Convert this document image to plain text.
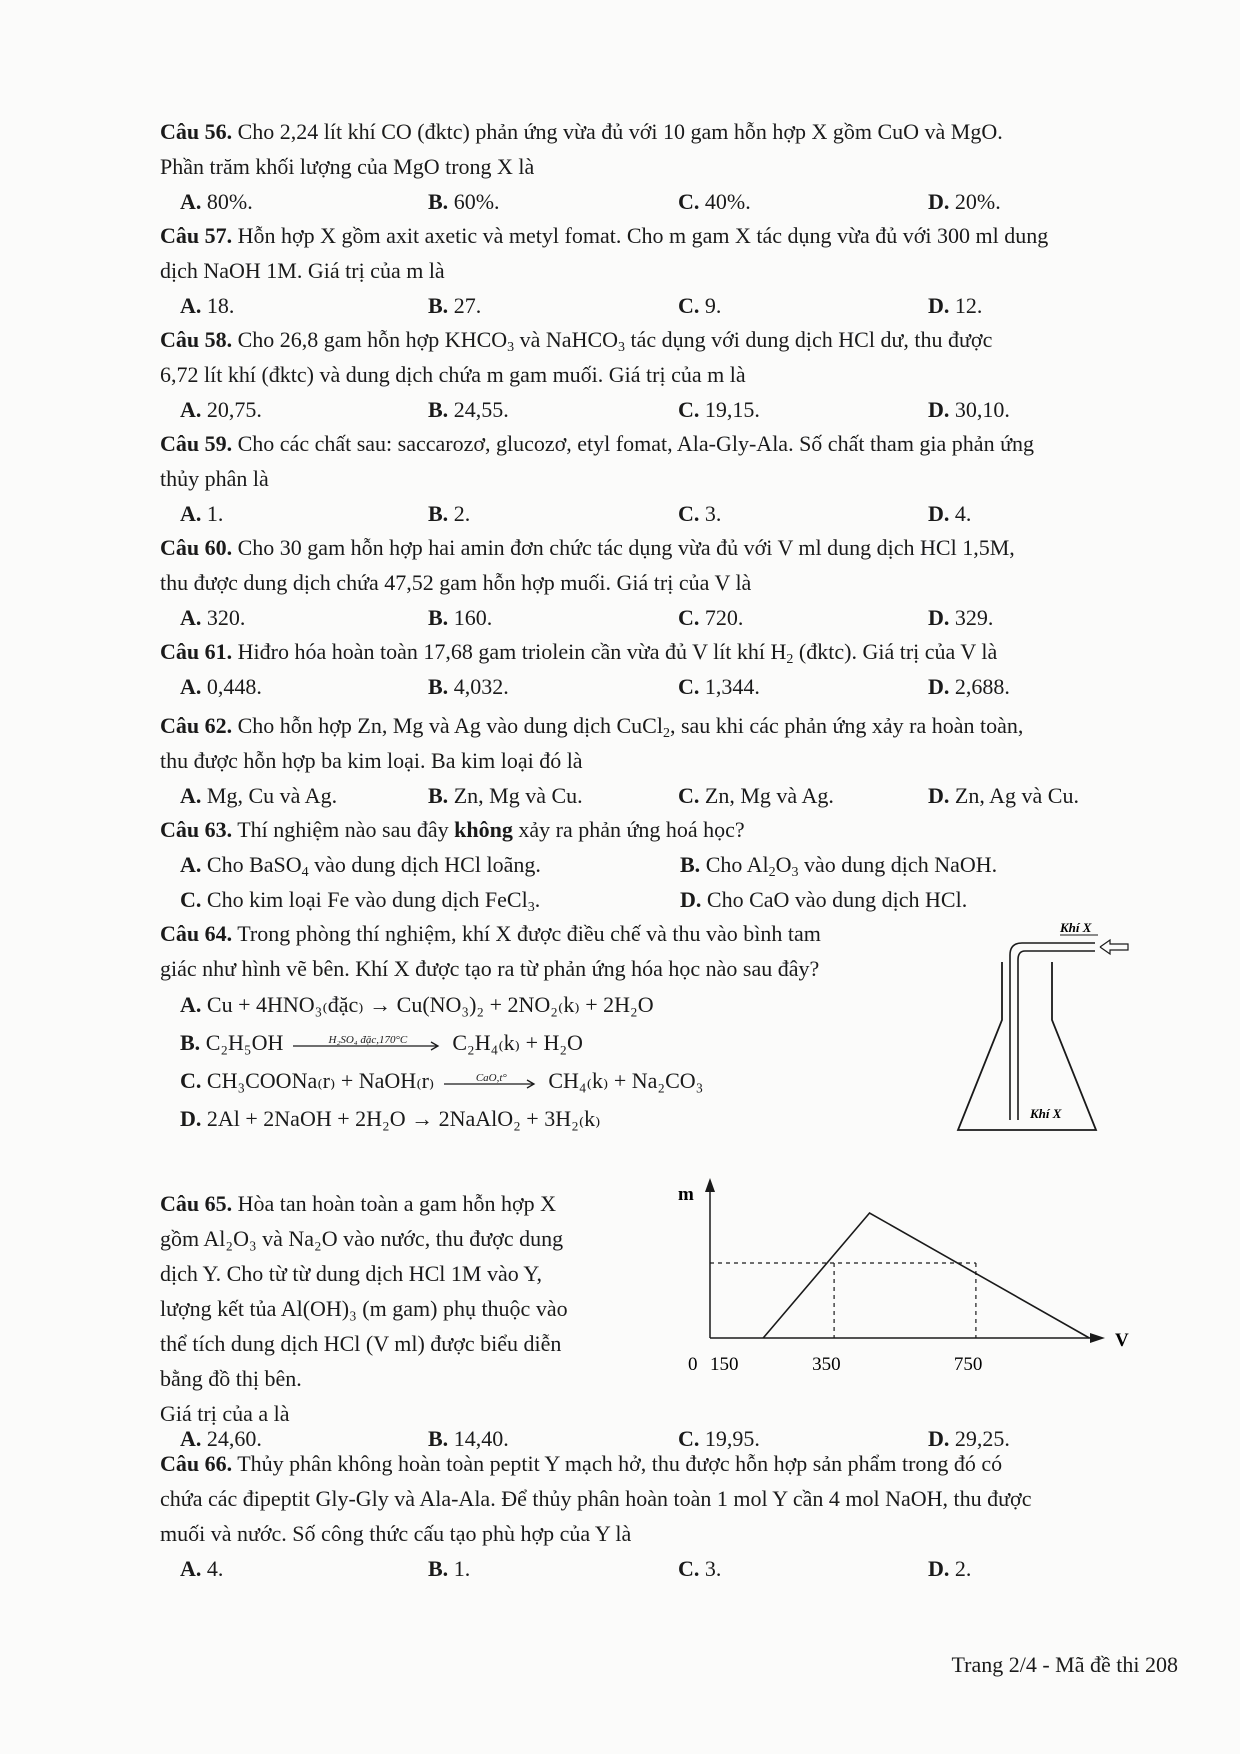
Câu 56. Cho 2,24 lít khí CO (đktc) phản ứng vừa đủ với 10 gam hỗn hợp X gồm CuO và MgO.
Phần trăm khối lượng của MgO trong X là
A. 80%.	B. 60%.	C. 40%.	D. 20%.
Câu 57. Hỗn hợp X gồm axit axetic và metyl fomat. Cho m gam X tác dụng vừa đủ với 300 ml dung
dịch NaOH 1M. Giá trị của m là
A. 18.	B. 27.	C. 9.	D. 12.
Câu 58. Cho 26,8 gam hỗn hợp $KHCO_3$ và NaHCO$_3$ tác dụng với dung dịch HCl dư, thu được
6,72 lít khí (đktc) và dung dịch chứa m gam muối. Giá trị của m là
A. 20,75.	B. 24,55.	C. 19,15.	D. 30,10.
Câu 59. Cho các chất sau: saccarozơ, glucozơ, etyl fomat, Ala-Gly-Ala. Số chất tham gia phản ứng
thủy phân là
A. 1.	B. 2.	C. 3.	D. 4.
Câu 60. Cho 30 gam hỗn hợp hai amin đơn chức tác dụng vừa đủ với V ml dung dịch HCl 1,5M,
thu được dung dịch chứa 47,52 gam hỗn hợp muối. Giá trị của V là
A. 320.	B. 160.	C. 720.	D. 329.
Câu 61. Hiđro hóa hoàn toàn 17,68 gam triolein cần vừa đủ V lít khí $H_2$ (đktc). Giá trị của V là
A. 0,448.	B. 4,032.	C. 1,344.	D. 2,688.
Câu 62. Cho hỗn hợp Zn, Mg và Ag vào dung dịch CuCl$_2$, sau khi các phản ứng xảy ra hoàn toàn,
thu được hỗn hợp ba kim loại. Ba kim loại đó là
A. Mg, Cu và Ag.	B. Zn, Mg và Cu.	C. Zn, Mg và Ag.	D. Zn, Ag và Cu.
Câu 63. Thí nghiệm nào sau đây không xảy ra phản ứng hoá học?
A. Cho BaSO$_4$ vào dung dịch HCl loãng.	B. Cho $Al_2O_3$ vào dung dịch NaOH.
C. Cho kim loại Fe vào dung dịch FeCl$_3$.	D. Cho CaO vào dung dịch HCl.
Câu 64. Trong phòng thí nghiệm, khí X được điều chế và thu vào bình tam
giác như hình vẽ bên. Khí X được tạo ra từ phản ứng hóa học nào sau đây?
A. Cu + 4HNO₃₍đặc₎ → Cu(NO₃)₂ + 2NO₂₍k₎ + 2H₂O
B. C₂H₅OH	H₂SO₄ đặc,170°C	C₂H₄₍k₎ + H₂O
C. CH₃COONa₍r₎ + NaOH₍r₎	CaO,t°	CH₄₍k₎ + Na₂CO₃
D. 2Al + 2NaOH + 2H₂O → 2NaAlO₂ + 3H₂₍k₎
Khí X
Khí X
Câu 65. Hòa tan hoàn toàn a gam hỗn hợp X
gồm Al₂O₃ và Na₂O vào nước, thu được dung
dịch Y. Cho từ từ dung dịch HCl 1M vào Y,
lượng kết tủa Al(OH)₃ (m gam) phụ thuộc vào
thể tích dung dịch HCl (V ml) được biểu diễn
bằng đồ thị bên.
Giá trị của a là
A. 24,60.	B. 14,40.	C. 19,95.	D. 29,25.
m
V
0 150	350	750
Câu 66. Thủy phân không hoàn toàn peptit Y mạch hở, thu được hỗn hợp sản phẩm trong đó có
chứa các đipeptit Gly-Gly và Ala-Ala. Để thủy phân hoàn toàn 1 mol Y cần 4 mol NaOH, thu được
muối và nước. Số công thức cấu tạo phù hợp của Y là
A. 4.	B. 1.	C. 3.	D. 2.
Trang 2/4 - Mã đề thi 208
